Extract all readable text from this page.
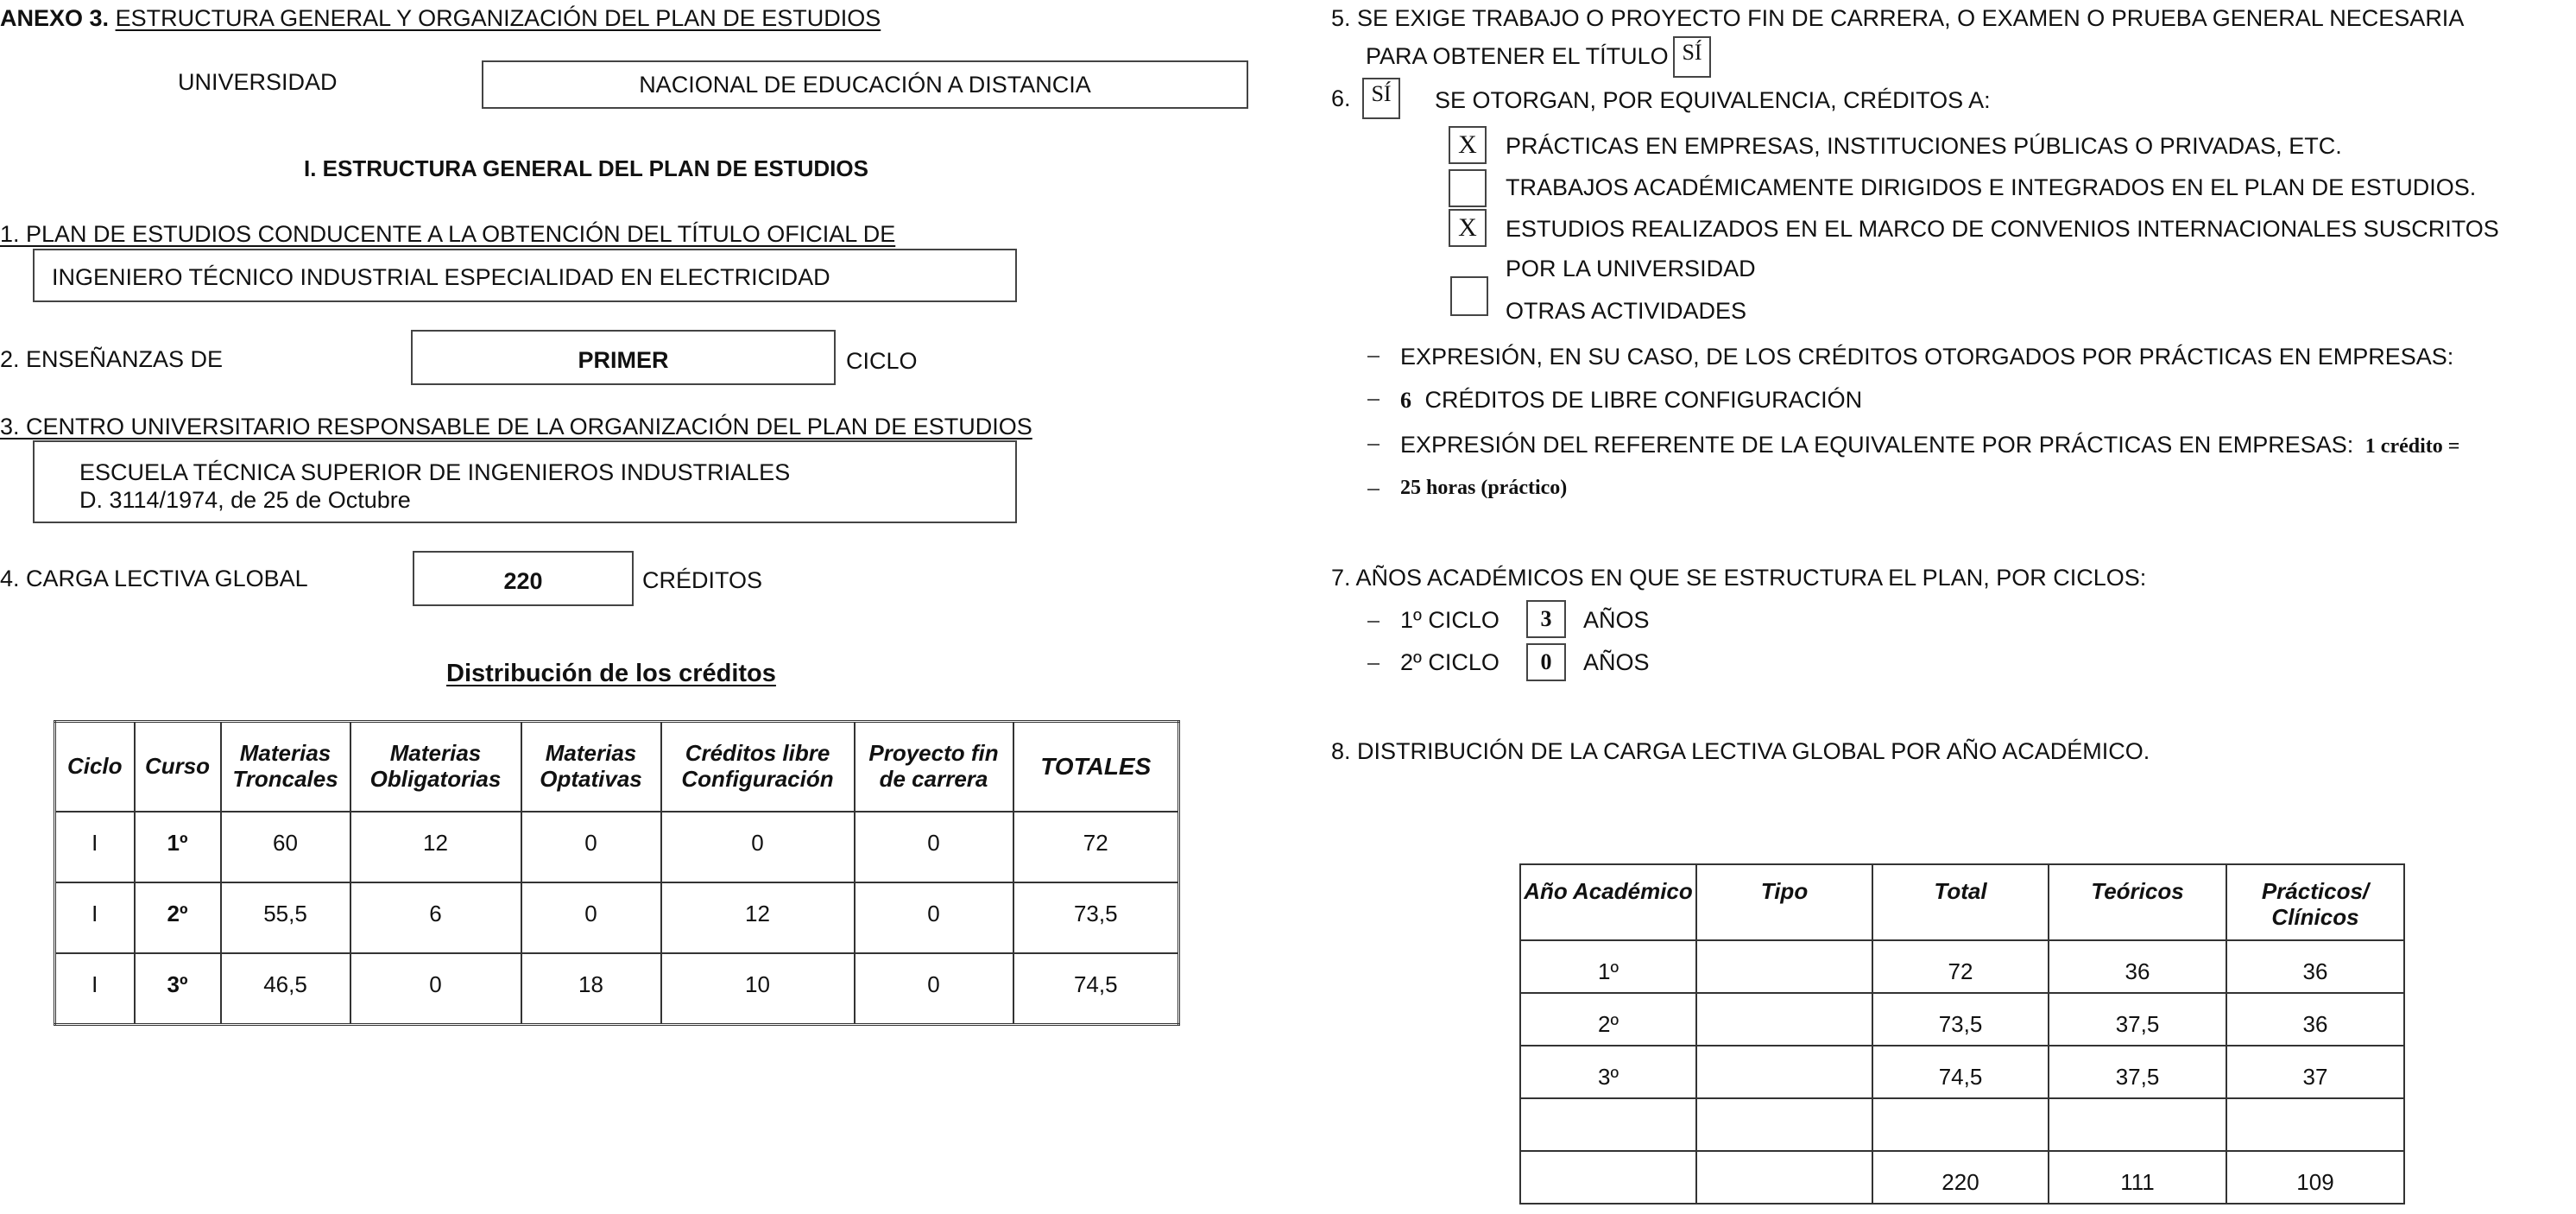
ANEXO 3. ESTRUCTURA GENERAL Y ORGANIZACIÓN DEL PLAN DE ESTUDIOS
UNIVERSIDAD	NACIONAL DE EDUCACIÓN A DISTANCIA
I. ESTRUCTURA GENERAL DEL PLAN DE ESTUDIOS
1. PLAN DE ESTUDIOS CONDUCENTE A LA OBTENCIÓN DEL TÍTULO OFICIAL DE
INGENIERO TÉCNICO INDUSTRIAL ESPECIALIDAD EN ELECTRICIDAD
2. ENSEÑANZAS DE	PRIMER	CICLO
3. CENTRO UNIVERSITARIO RESPONSABLE DE LA ORGANIZACIÓN DEL PLAN DE ESTUDIOS
ESCUELA TÉCNICA SUPERIOR DE INGENIEROS INDUSTRIALES
D. 3114/1974, de 25 de Octubre
4. CARGA LECTIVA GLOBAL	220	CRÉDITOS
Distribución de los créditos
Ciclo	Curso	Materias Troncales	Materias Obligatorias	Materias Optativas	Créditos libre Configuración	Proyecto fin de carrera	TOTALES
I	1º	60	12	0	0	0	72
I	2º	55,5	6	0	12	0	73,5
I	3º	46,5	0	18	10	0	74,5
5. SE EXIGE TRABAJO O PROYECTO FIN DE CARRERA, O EXAMEN O PRUEBA GENERAL NECESARIA
PARA OBTENER EL TÍTULO SÍ
6. SÍ	SE OTORGAN, POR EQUIVALENCIA, CRÉDITOS A:
X	PRÁCTICAS EN EMPRESAS, INSTITUCIONES PÚBLICAS O PRIVADAS, ETC.
TRABAJOS ACADÉMICAMENTE DIRIGIDOS E INTEGRADOS EN EL PLAN DE ESTUDIOS.
X	ESTUDIOS REALIZADOS EN EL MARCO DE CONVENIOS INTERNACIONALES SUSCRITOS
POR LA UNIVERSIDAD
OTRAS ACTIVIDADES
EXPRESIÓN, EN SU CASO, DE LOS CRÉDITOS OTORGADOS POR PRÁCTICAS EN EMPRESAS:
6 CRÉDITOS DE LIBRE CONFIGURACIÓN
EXPRESIÓN DEL REFERENTE DE LA EQUIVALENTE POR PRÁCTICAS EN EMPRESAS: 1 crédito =
25 horas (práctico)
7. AÑOS ACADÉMICOS EN QUE SE ESTRUCTURA EL PLAN, POR CICLOS:
1º CICLO	3	AÑOS
2º CICLO	0	AÑOS
8. DISTRIBUCIÓN DE LA CARGA LECTIVA GLOBAL POR AÑO ACADÉMICO.
Año Académico	Tipo	Total	Teóricos	Prácticos/ Clínicos
1º		72	36	36
2º		73,5	37,5	36
3º		74,5	37,5	37

		220	111	109
